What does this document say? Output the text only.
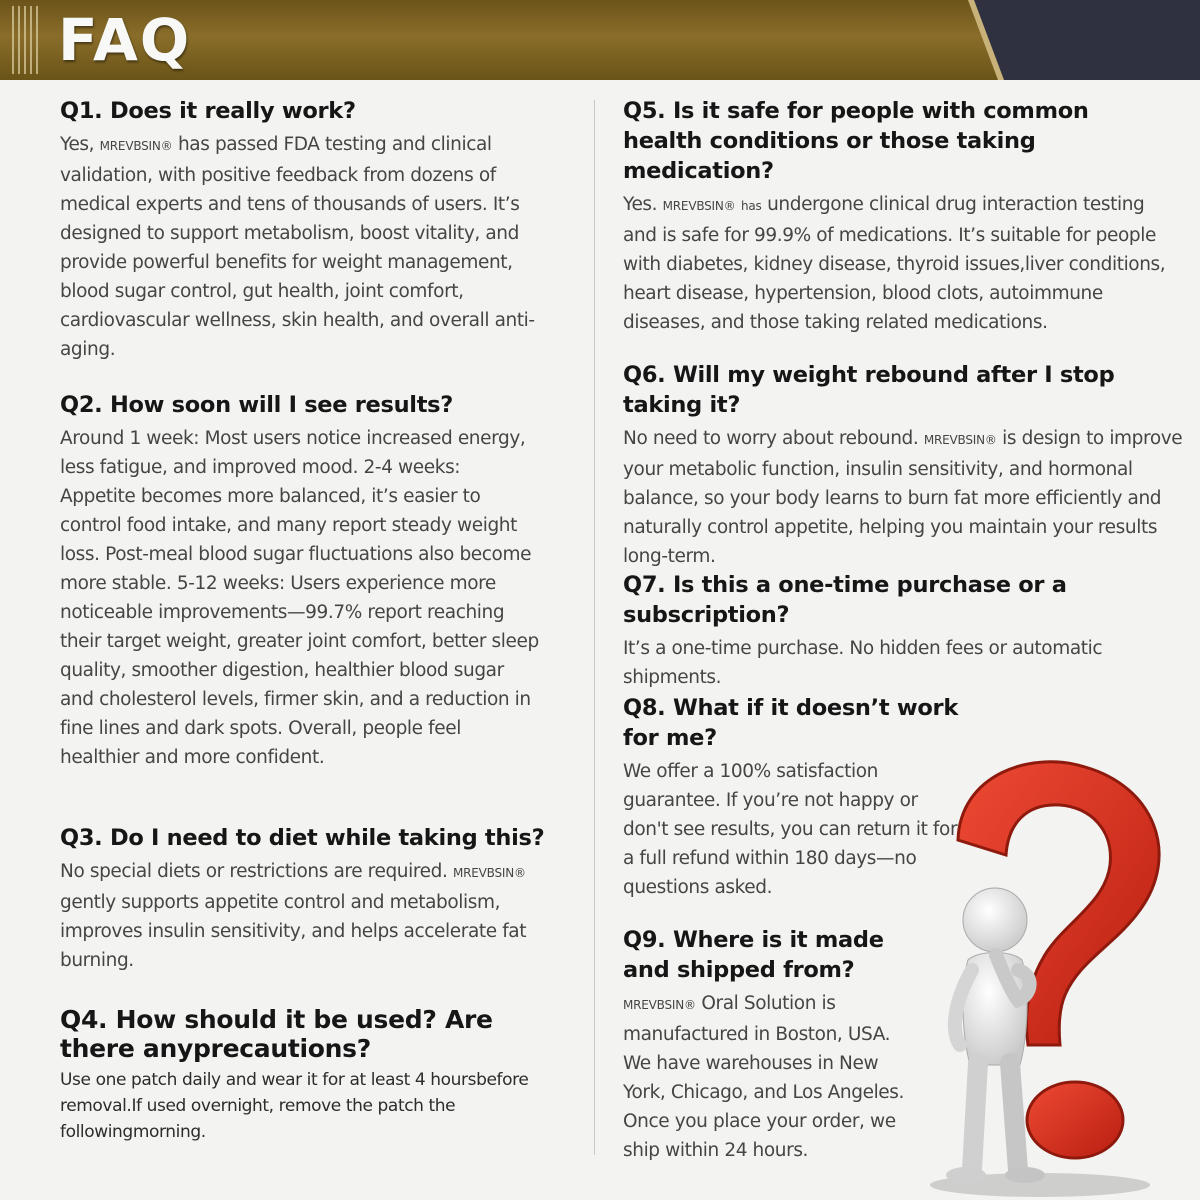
FAQ

Q1. Does it really work?

Yes, MREVBSIN® has passed FDA testing and clinical validation, with positive feedback from dozens of medical experts and tens of thousands of users. It’s designed to support metabolism, boost vitality, and provide powerful benefits for weight management, blood sugar control, gut health, joint comfort, cardiovascular wellness, skin health, and overall anti-aging.

Q2. How soon will I see results?

Around 1 week: Most users notice increased energy, less fatigue, and improved mood. 2-4 weeks: Appetite becomes more balanced, it’s easier to control food intake, and many report steady weight loss. Post-meal blood sugar fluctuations also become more stable. 5-12 weeks: Users experience more noticeable improvements—99.7% report reaching their target weight, greater joint comfort, better sleep quality, smoother digestion, healthier blood sugar and cholesterol levels, firmer skin, and a reduction in fine lines and dark spots. Overall, people feel healthier and more confident.

Q3. Do I need to diet while taking this?

No special diets or restrictions are required. MREVBSIN® gently supports appetite control and metabolism, improves insulin sensitivity, and helps accelerate fat burning.

Q4. How should it be used? Are there anyprecautions?

Use one patch daily and wear it for at least 4 hoursbefore removal.If used overnight, remove the patch the followingmorning.

Q5. Is it safe for people with common health conditions or those taking medication?

Yes. MREVBSIN® has undergone clinical drug interaction testing and is safe for 99.9% of medications. It’s suitable for people with diabetes, kidney disease, thyroid issues,liver conditions, heart disease, hypertension, blood clots, autoimmune diseases, and those taking related medications.

Q6. Will my weight rebound after I stop taking it?

No need to worry about rebound. MREVBSIN® is design to improve your metabolic function, insulin sensitivity, and hormonal balance, so your body learns to burn fat more efficiently and naturally control appetite, helping you maintain your results long-term.

Q7. Is this a one-time purchase or a subscription?

It’s a one-time purchase. No hidden fees or automatic shipments.

Q8. What if it doesn’t work for me?

We offer a 100% satisfaction guarantee. If you’re not happy or don't see results, you can return it for a full refund within 180 days—no questions asked.

Q9. Where is it made and shipped from?

MREVBSIN® Oral Solution is manufactured in Boston, USA. We have warehouses in New York, Chicago, and Los Angeles. Once you place your order, we ship within 24 hours.
